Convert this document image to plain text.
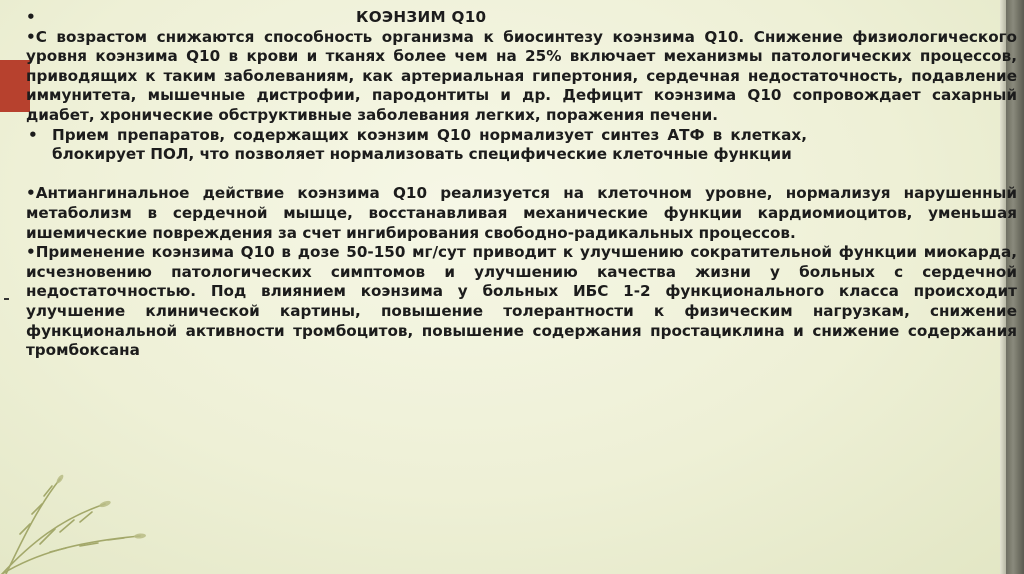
•	КОЭНЗИМ Q10

•С возрастом снижаются способность организма к биосинтезу коэнзима Q10. Снижение физиологического уровня коэнзима Q10 в крови и тканях более чем на 25% включает механизмы патологических процессов, приводящих к таким заболеваниям, как артериальная гипертония, сердечная недостаточность, подавление иммунитета, мышечные дистрофии, пародонтиты и др. Дефицит коэнзима Q10 сопровождает сахарный диабет, хронические обструктивные заболевания легких, поражения печени.

• Прием препаратов, содержащих коэнзим Q10 нормализует синтез АТФ в клетках, блокирует ПОЛ, что позволяет нормализовать специфические клеточные функции

•Антиангинальное действие коэнзима Q10 реализуется на клеточном уровне, нормализуя нарушенный метаболизм в сердечной мышце, восстанавливая механические функции кардиомиоцитов, уменьшая ишемические повреждения за счет ингибирования свободно-радикальных процессов.

•Применение коэнзима Q10 в дозе 50-150 мг/сут приводит к улучшению сократительной функции миокарда, исчезновению патологических симптомов и улучшению качества жизни у больных с сердечной недостаточностью. Под влиянием коэнзима у больных ИБС 1-2 функционального класса происходит улучшение клинической картины, повышение толерантности к физическим нагрузкам, снижение функциональной активности тромбоцитов, повышение содержания простациклина и снижение содержания тромбоксана
